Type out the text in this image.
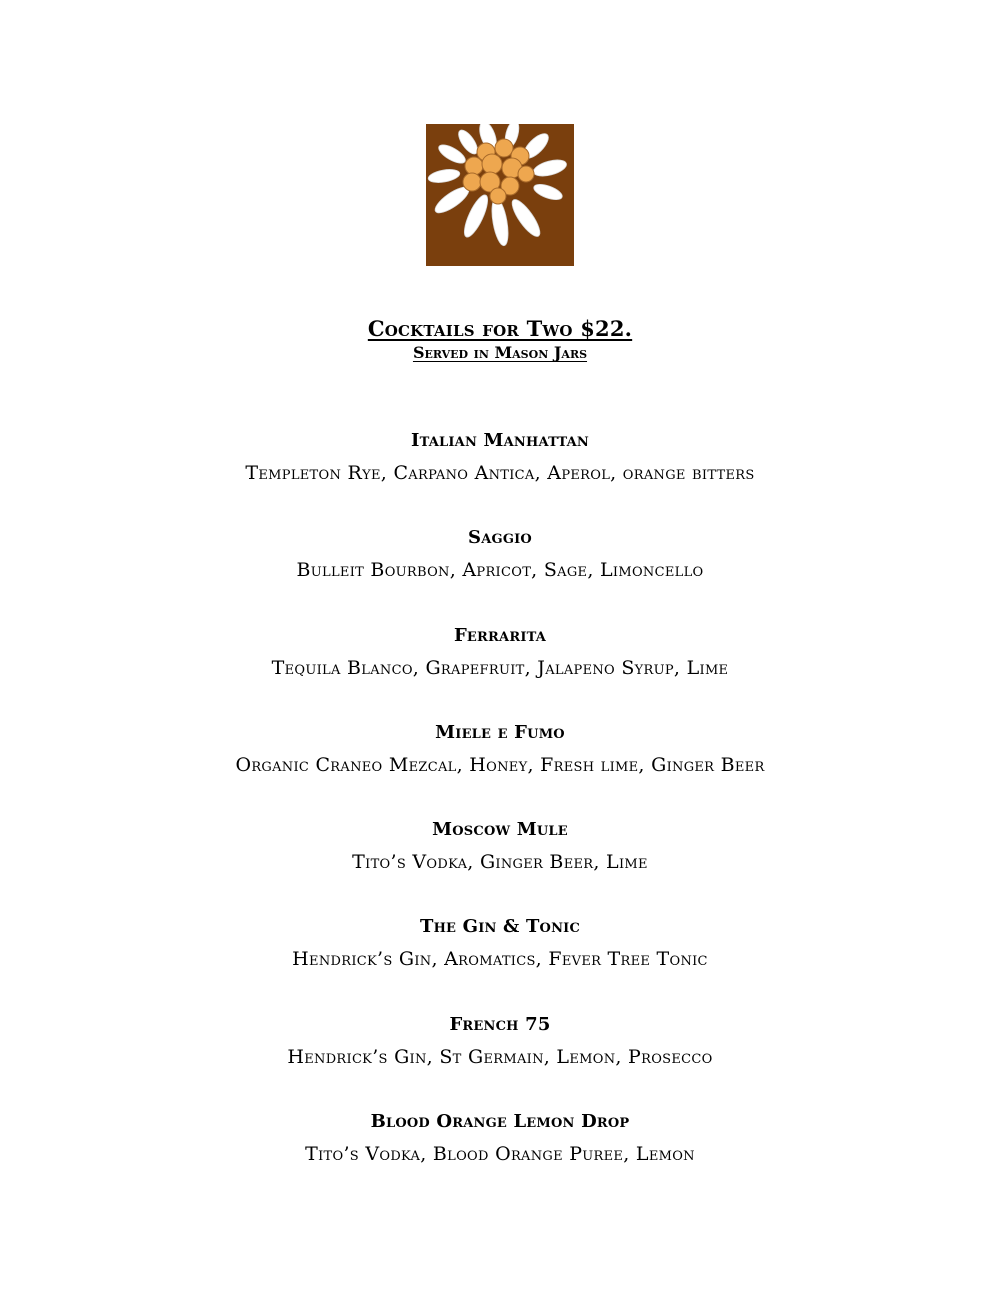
Cocktails for Two $22.
Served in Mason Jars
Italian Manhattan
Templeton Rye, Carpano Antica, Aperol, orange bitters
Saggio
Bulleit Bourbon, Apricot, Sage, Limoncello
Ferrarita
Tequila Blanco, Grapefruit, Jalapeno Syrup, Lime
Miele e Fumo
Organic Craneo Mezcal, Honey, Fresh lime, Ginger Beer
Moscow Mule
Tito’s Vodka, Ginger Beer, Lime
The Gin & Tonic
Hendrick’s Gin, Aromatics, Fever Tree Tonic
French 75
Hendrick’s Gin, St Germain, Lemon, Prosecco
Blood Orange Lemon Drop
Tito’s Vodka, Blood Orange Puree, Lemon
